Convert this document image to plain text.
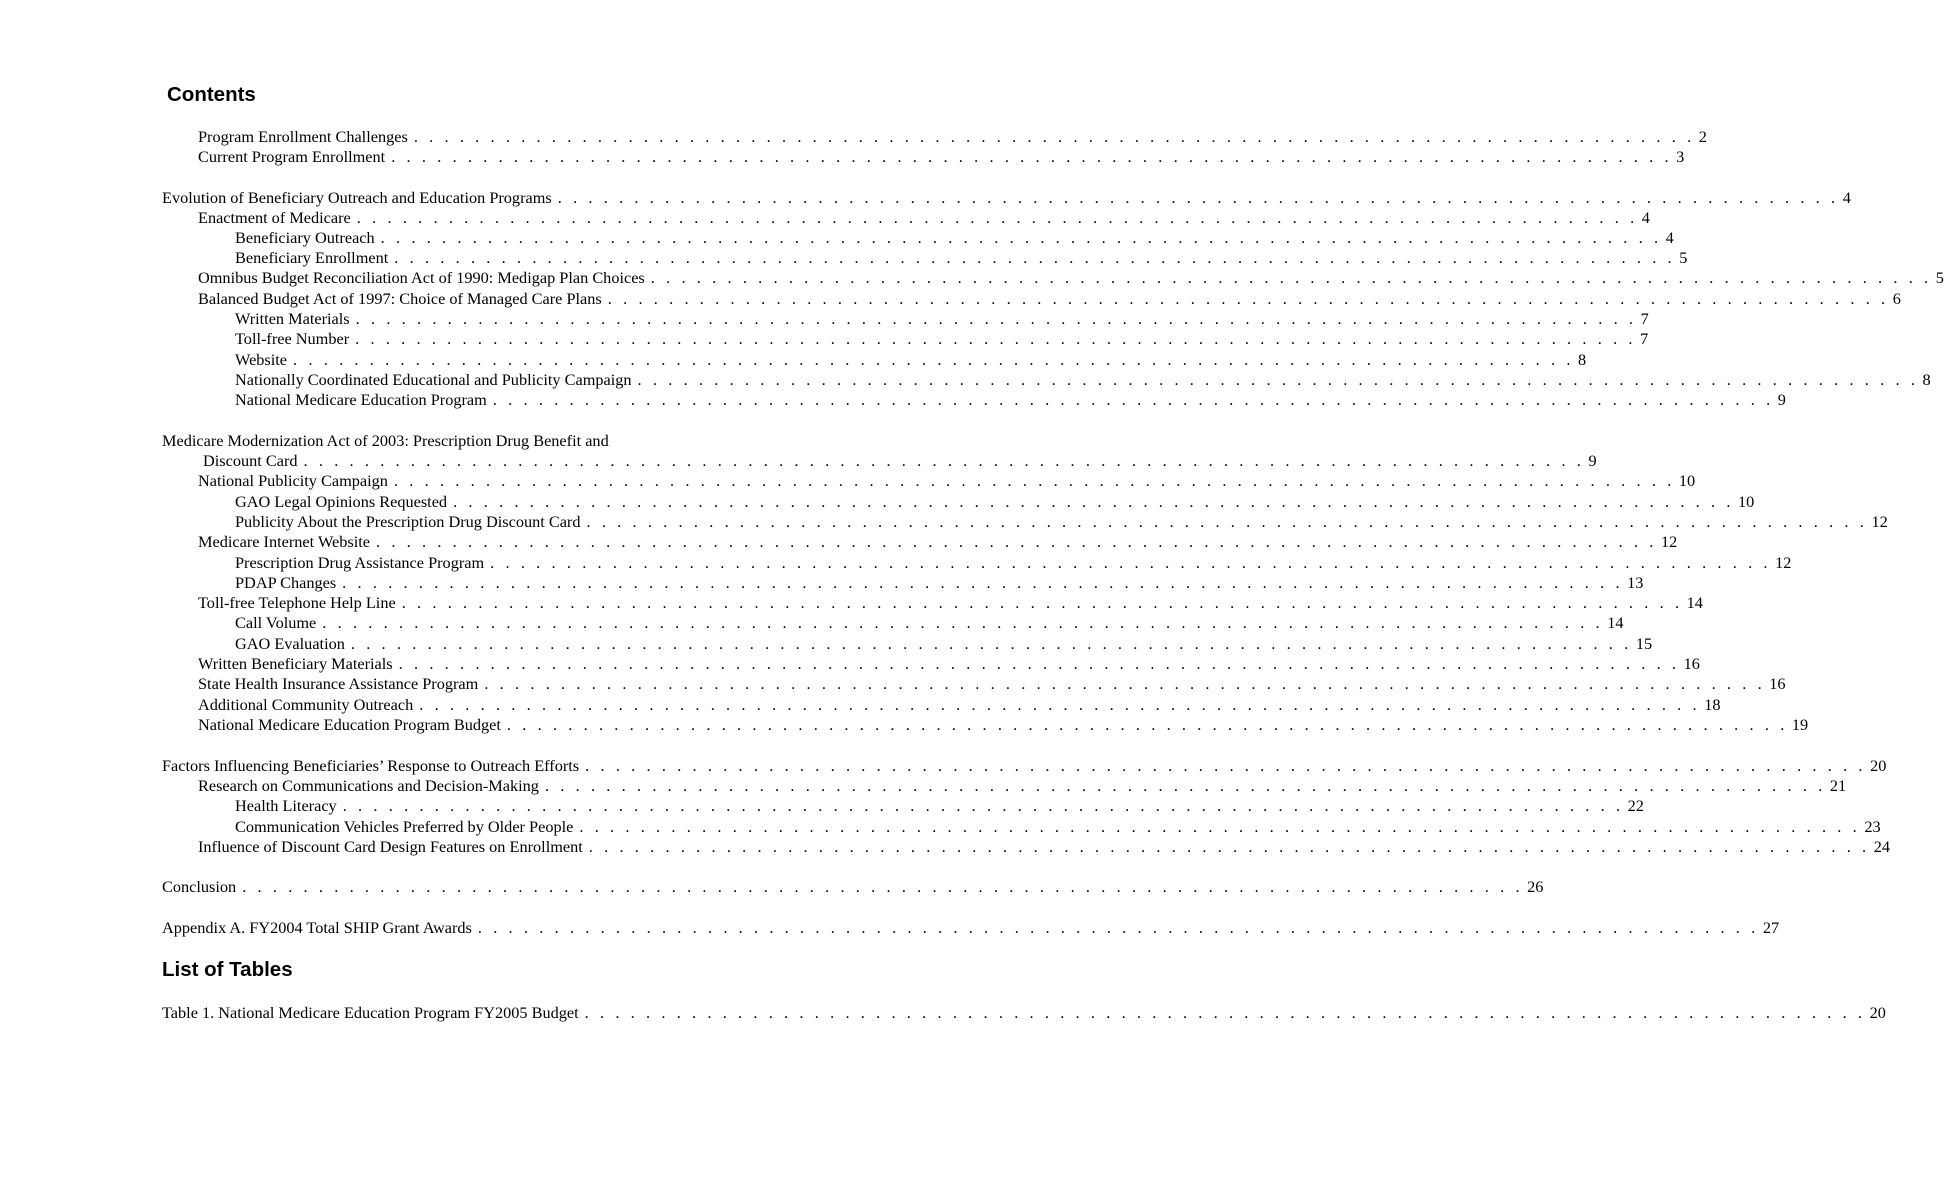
Contents
Program Enrollment Challenges . . . . . . . . . . . . . . . . . . . . . . . . . . . . . . . . . . . . . . . . . . . . . . . . . . . . . . . . . . . . . . . . . . . . . . . . . . . . . . . . . . . . 2
Current Program Enrollment . . . . . . . . . . . . . . . . . . . . . . . . . . . . . . . . . . . . . . . . . . . . . . . . . . . . . . . . . . . . . . . . . . . . . . . . . . . . . . . . . . . . 3
Evolution of Beneficiary Outreach and Education Programs . . . . . . . . . . . . . . . . . . . . . . . . . . . . . . . . . . . . . . . . . . . . . . . . . . . . . . . . . . . . . . . . . . . . . . . . . . . . . . . . . . . . 4
Enactment of Medicare . . . . . . . . . . . . . . . . . . . . . . . . . . . . . . . . . . . . . . . . . . . . . . . . . . . . . . . . . . . . . . . . . . . . . . . . . . . . . . . . . . . . 4
Beneficiary Outreach . . . . . . . . . . . . . . . . . . . . . . . . . . . . . . . . . . . . . . . . . . . . . . . . . . . . . . . . . . . . . . . . . . . . . . . . . . . . . . . . . . . . 4
Beneficiary Enrollment . . . . . . . . . . . . . . . . . . . . . . . . . . . . . . . . . . . . . . . . . . . . . . . . . . . . . . . . . . . . . . . . . . . . . . . . . . . . . . . . . . . . 5
Omnibus Budget Reconciliation Act of 1990: Medigap Plan Choices . . . . . . . . . . . . . . . . . . . . . . . . . . . . . . . . . . . . . . . . . . . . . . . . . . . . . . . . . . . . . . . . . . . . . . . . . . . . . . . . . . . . 5
Balanced Budget Act of 1997: Choice of Managed Care Plans . . . . . . . . . . . . . . . . . . . . . . . . . . . . . . . . . . . . . . . . . . . . . . . . . . . . . . . . . . . . . . . . . . . . . . . . . . . . . . . . . . . . 6
Written Materials . . . . . . . . . . . . . . . . . . . . . . . . . . . . . . . . . . . . . . . . . . . . . . . . . . . . . . . . . . . . . . . . . . . . . . . . . . . . . . . . . . . . 7
Toll-free Number . . . . . . . . . . . . . . . . . . . . . . . . . . . . . . . . . . . . . . . . . . . . . . . . . . . . . . . . . . . . . . . . . . . . . . . . . . . . . . . . . . . . 7
Website . . . . . . . . . . . . . . . . . . . . . . . . . . . . . . . . . . . . . . . . . . . . . . . . . . . . . . . . . . . . . . . . . . . . . . . . . . . . . . . . . . . . 8
Nationally Coordinated Educational and Publicity Campaign . . . . . . . . . . . . . . . . . . . . . . . . . . . . . . . . . . . . . . . . . . . . . . . . . . . . . . . . . . . . . . . . . . . . . . . . . . . . . . . . . . . . 8
National Medicare Education Program . . . . . . . . . . . . . . . . . . . . . . . . . . . . . . . . . . . . . . . . . . . . . . . . . . . . . . . . . . . . . . . . . . . . . . . . . . . . . . . . . . . . 9
Medicare Modernization Act of 2003: Prescription Drug Benefit and
Discount Card . . . . . . . . . . . . . . . . . . . . . . . . . . . . . . . . . . . . . . . . . . . . . . . . . . . . . . . . . . . . . . . . . . . . . . . . . . . . . . . . . . . . 9
National Publicity Campaign . . . . . . . . . . . . . . . . . . . . . . . . . . . . . . . . . . . . . . . . . . . . . . . . . . . . . . . . . . . . . . . . . . . . . . . . . . . . . . . . . . . . 10
GAO Legal Opinions Requested . . . . . . . . . . . . . . . . . . . . . . . . . . . . . . . . . . . . . . . . . . . . . . . . . . . . . . . . . . . . . . . . . . . . . . . . . . . . . . . . . . . . 10
Publicity About the Prescription Drug Discount Card . . . . . . . . . . . . . . . . . . . . . . . . . . . . . . . . . . . . . . . . . . . . . . . . . . . . . . . . . . . . . . . . . . . . . . . . . . . . . . . . . . . . 12
Medicare Internet Website . . . . . . . . . . . . . . . . . . . . . . . . . . . . . . . . . . . . . . . . . . . . . . . . . . . . . . . . . . . . . . . . . . . . . . . . . . . . . . . . . . . . 12
Prescription Drug Assistance Program . . . . . . . . . . . . . . . . . . . . . . . . . . . . . . . . . . . . . . . . . . . . . . . . . . . . . . . . . . . . . . . . . . . . . . . . . . . . . . . . . . . . 12
PDAP Changes . . . . . . . . . . . . . . . . . . . . . . . . . . . . . . . . . . . . . . . . . . . . . . . . . . . . . . . . . . . . . . . . . . . . . . . . . . . . . . . . . . . . 13
Toll-free Telephone Help Line . . . . . . . . . . . . . . . . . . . . . . . . . . . . . . . . . . . . . . . . . . . . . . . . . . . . . . . . . . . . . . . . . . . . . . . . . . . . . . . . . . . . 14
Call Volume . . . . . . . . . . . . . . . . . . . . . . . . . . . . . . . . . . . . . . . . . . . . . . . . . . . . . . . . . . . . . . . . . . . . . . . . . . . . . . . . . . . . 14
GAO Evaluation . . . . . . . . . . . . . . . . . . . . . . . . . . . . . . . . . . . . . . . . . . . . . . . . . . . . . . . . . . . . . . . . . . . . . . . . . . . . . . . . . . . . 15
Written Beneficiary Materials . . . . . . . . . . . . . . . . . . . . . . . . . . . . . . . . . . . . . . . . . . . . . . . . . . . . . . . . . . . . . . . . . . . . . . . . . . . . . . . . . . . . 16
State Health Insurance Assistance Program . . . . . . . . . . . . . . . . . . . . . . . . . . . . . . . . . . . . . . . . . . . . . . . . . . . . . . . . . . . . . . . . . . . . . . . . . . . . . . . . . . . . 16
Additional Community Outreach . . . . . . . . . . . . . . . . . . . . . . . . . . . . . . . . . . . . . . . . . . . . . . . . . . . . . . . . . . . . . . . . . . . . . . . . . . . . . . . . . . . . 18
National Medicare Education Program Budget . . . . . . . . . . . . . . . . . . . . . . . . . . . . . . . . . . . . . . . . . . . . . . . . . . . . . . . . . . . . . . . . . . . . . . . . . . . . . . . . . . . . 19
Factors Influencing Beneficiaries’ Response to Outreach Efforts . . . . . . . . . . . . . . . . . . . . . . . . . . . . . . . . . . . . . . . . . . . . . . . . . . . . . . . . . . . . . . . . . . . . . . . . . . . . . . . . . . . . 20
Research on Communications and Decision-Making . . . . . . . . . . . . . . . . . . . . . . . . . . . . . . . . . . . . . . . . . . . . . . . . . . . . . . . . . . . . . . . . . . . . . . . . . . . . . . . . . . . . 21
Health Literacy . . . . . . . . . . . . . . . . . . . . . . . . . . . . . . . . . . . . . . . . . . . . . . . . . . . . . . . . . . . . . . . . . . . . . . . . . . . . . . . . . . . . 22
Communication Vehicles Preferred by Older People . . . . . . . . . . . . . . . . . . . . . . . . . . . . . . . . . . . . . . . . . . . . . . . . . . . . . . . . . . . . . . . . . . . . . . . . . . . . . . . . . . . . 23
Influence of Discount Card Design Features on Enrollment . . . . . . . . . . . . . . . . . . . . . . . . . . . . . . . . . . . . . . . . . . . . . . . . . . . . . . . . . . . . . . . . . . . . . . . . . . . . . . . . . . . . 24
Conclusion . . . . . . . . . . . . . . . . . . . . . . . . . . . . . . . . . . . . . . . . . . . . . . . . . . . . . . . . . . . . . . . . . . . . . . . . . . . . . . . . . . . . 26
Appendix A. FY2004 Total SHIP Grant Awards . . . . . . . . . . . . . . . . . . . . . . . . . . . . . . . . . . . . . . . . . . . . . . . . . . . . . . . . . . . . . . . . . . . . . . . . . . . . . . . . . . . . 27
List of Tables
Table 1. National Medicare Education Program FY2005 Budget . . . . . . . . . . . . . . . . . . . . . . . . . . . . . . . . . . . . . . . . . . . . . . . . . . . . . . . . . . . . . . . . . . . . . . . . . . . . . . . . . . . . 20
